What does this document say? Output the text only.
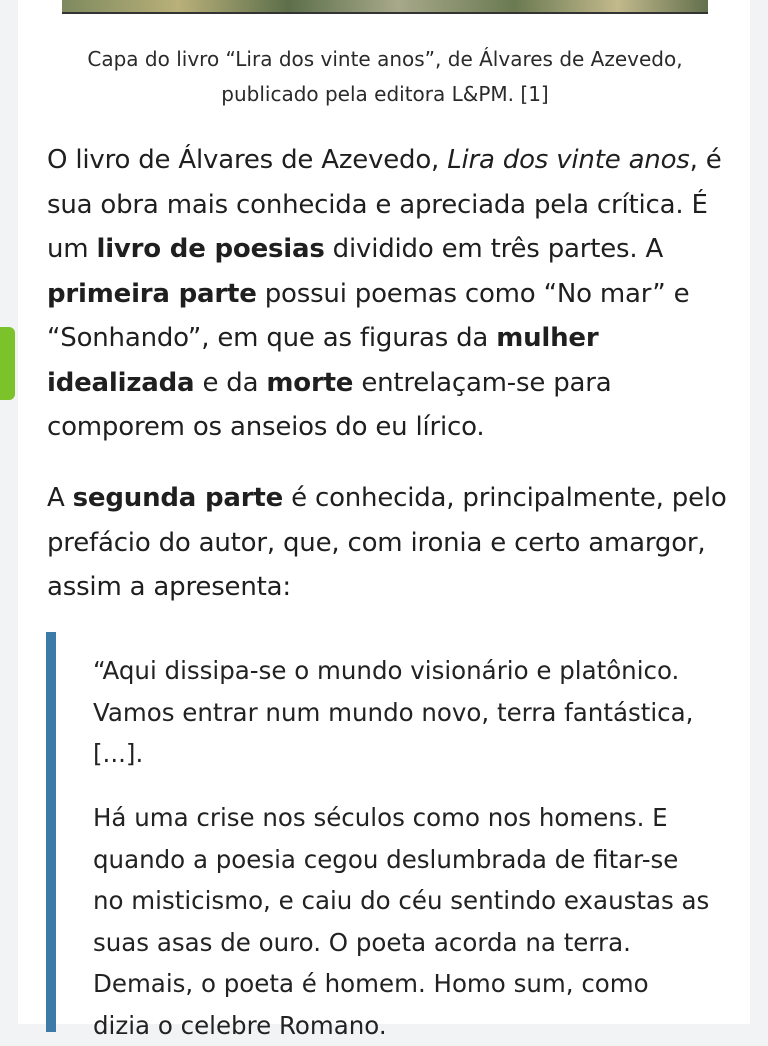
Capa do livro “Lira dos vinte anos”, de Álvares de Azevedo, publicado pela editora L&PM. [1]

O livro de Álvares de Azevedo, Lira dos vinte anos, é sua obra mais conhecida e apreciada pela crítica. É um livro de poesias dividido em três partes. A primeira parte possui poemas como “No mar” e “Sonhando”, em que as figuras da mulher idealizada e da morte entrelaçam-se para comporem os anseios do eu lírico.

A segunda parte é conhecida, principalmente, pelo prefácio do autor, que, com ironia e certo amargor, assim a apresenta:

“Aqui dissipa-se o mundo visionário e platônico. Vamos entrar num mundo novo, terra fantástica, [...].

Há uma crise nos séculos como nos homens. E quando a poesia cegou deslumbrada de fitar-se no misticismo, e caiu do céu sentindo exaustas as suas asas de ouro. O poeta acorda na terra. Demais, o poeta é homem. Homo sum, como dizia o celebre Romano.
